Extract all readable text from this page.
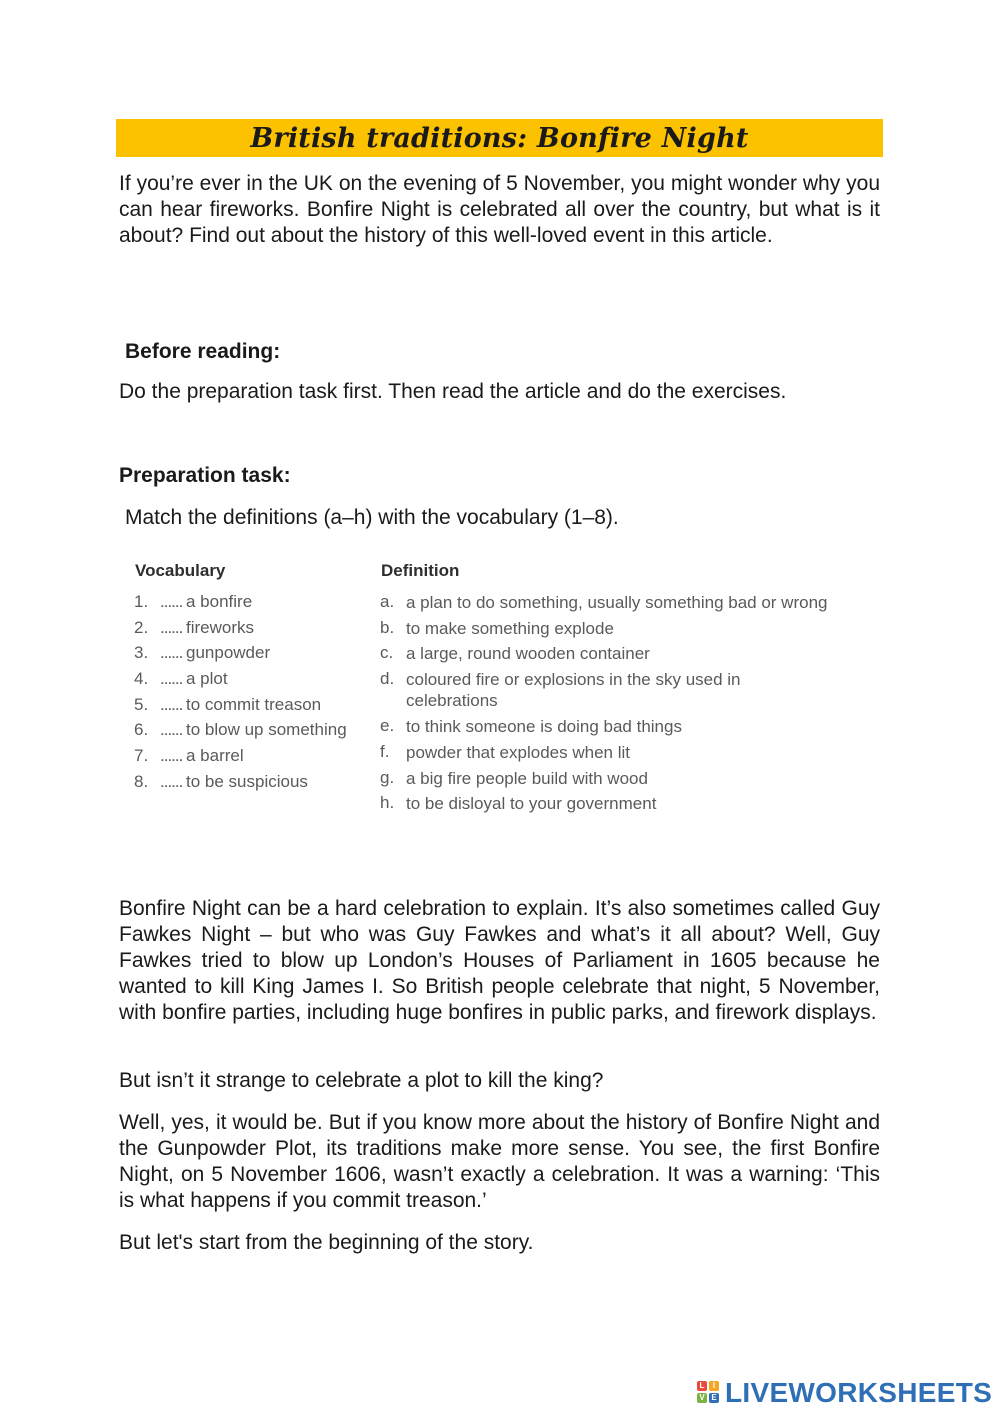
British traditions: Bonfire Night

If you’re ever in the UK on the evening of 5 November, you might wonder why you can hear fireworks. Bonfire Night is celebrated all over the country, but what is it about? Find out about the history of this well-loved event in this article.

Before reading:

Do the preparation task first. Then read the article and do the exercises.

Preparation task:

Match the definitions (a–h) with the vocabulary (1–8).

Vocabulary	Definition
1. ...... a bonfire
2. ...... fireworks
3. ...... gunpowder
4. ...... a plot
5. ...... to commit treason
6. ...... to blow up something
7. ...... a barrel
8. ...... to be suspicious
a. a plan to do something, usually something bad or wrong
b. to make something explode
c. a large, round wooden container
d. coloured fire or explosions in the sky used in celebrations
e. to think someone is doing bad things
f. powder that explodes when lit
g. a big fire people build with wood
h. to be disloyal to your government

Bonfire Night can be a hard celebration to explain. It’s also sometimes called Guy Fawkes Night – but who was Guy Fawkes and what’s it all about? Well, Guy Fawkes tried to blow up London’s Houses of Parliament in 1605 because he wanted to kill King James I. So British people celebrate that night, 5 November, with bonfire parties, including huge bonfires in public parks, and firework displays.

But isn’t it strange to celebrate a plot to kill the king?

Well, yes, it would be. But if you know more about the history of Bonfire Night and the Gunpowder Plot, its traditions make more sense. You see, the first Bonfire Night, on 5 November 1606, wasn’t exactly a celebration. It was a warning: ‘This is what happens if you commit treason.’

But let's start from the beginning of the story.

L	I
V E LIVEWORKSHEETS
